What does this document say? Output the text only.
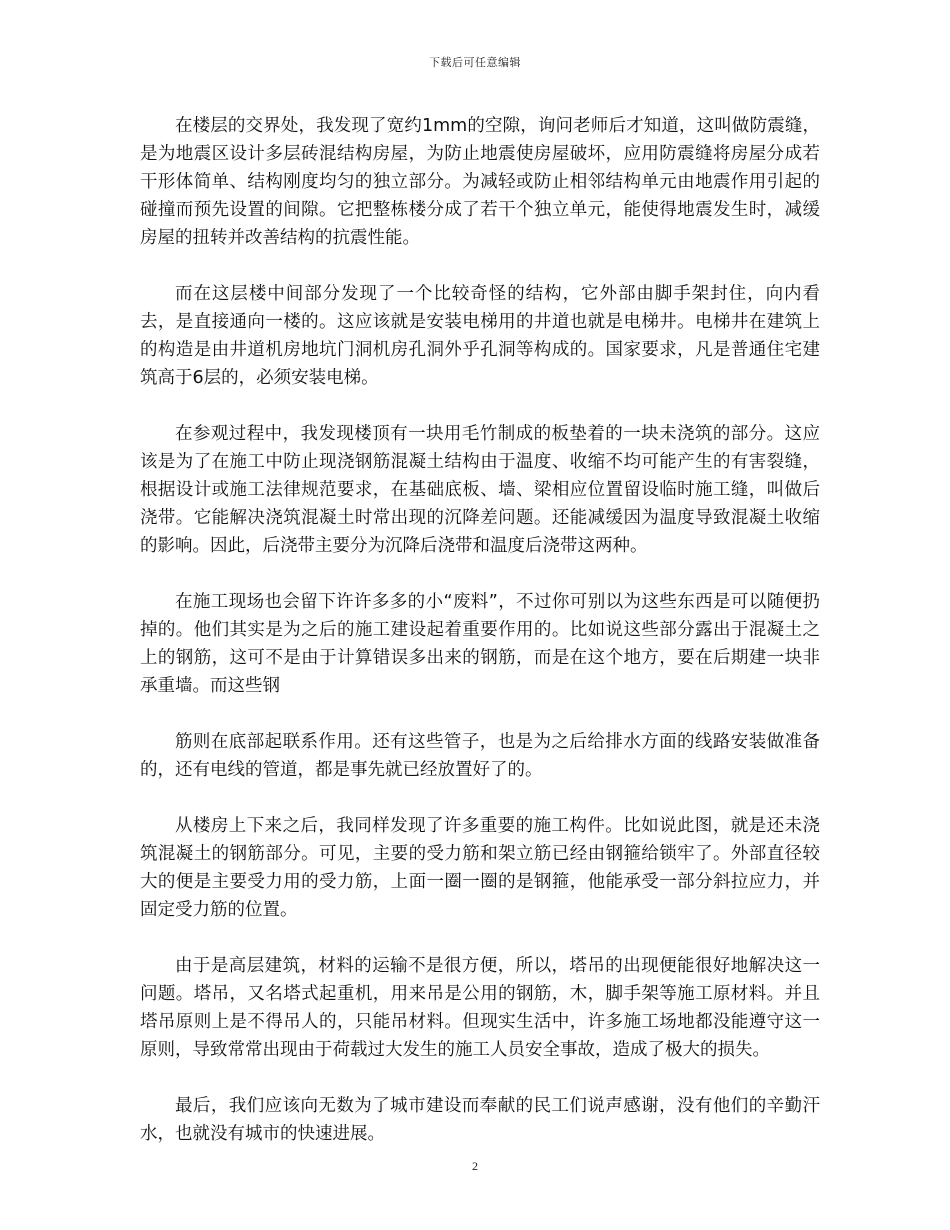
下载后可任意编辑

在楼层的交界处，我发现了宽约1mm的空隙，询问老师后才知道，这叫做防震缝，是为地震区设计多层砖混结构房屋，为防止地震使房屋破坏，应用防震缝将房屋分成若干形体简单、结构刚度均匀的独立部分。为减轻或防止相邻结构单元由地震作用引起的碰撞而预先设置的间隙。它把整栋楼分成了若干个独立单元，能使得地震发生时，减缓房屋的扭转并改善结构的抗震性能。

而在这层楼中间部分发现了一个比较奇怪的结构，它外部由脚手架封住，向内看去，是直接通向一楼的。这应该就是安装电梯用的井道也就是电梯井。电梯井在建筑上的构造是由井道机房地坑门洞机房孔洞外乎孔洞等构成的。国家要求，凡是普通住宅建筑高于6层的，必须安装电梯。

在参观过程中，我发现楼顶有一块用毛竹制成的板垫着的一块未浇筑的部分。这应该是为了在施工中防止现浇钢筋混凝土结构由于温度、收缩不均可能产生的有害裂缝，根据设计或施工法律规范要求，在基础底板、墙、梁相应位置留设临时施工缝，叫做后浇带。它能解决浇筑混凝土时常出现的沉降差问题。还能减缓因为温度导致混凝土收缩的影响。因此，后浇带主要分为沉降后浇带和温度后浇带这两种。

在施工现场也会留下许许多多的小“废料”，不过你可别以为这些东西是可以随便扔掉的。他们其实是为之后的施工建设起着重要作用的。比如说这些部分露出于混凝土之上的钢筋，这可不是由于计算错误多出来的钢筋，而是在这个地方，要在后期建一块非承重墙。而这些钢

筋则在底部起联系作用。还有这些管子，也是为之后给排水方面的线路安装做准备的，还有电线的管道，都是事先就已经放置好了的。

从楼房上下来之后，我同样发现了许多重要的施工构件。比如说此图，就是还未浇筑混凝土的钢筋部分。可见，主要的受力筋和架立筋已经由钢箍给锁牢了。外部直径较大的便是主要受力用的受力筋，上面一圈一圈的是钢箍，他能承受一部分斜拉应力，并固定受力筋的位置。

由于是高层建筑，材料的运输不是很方便，所以，塔吊的出现便能很好地解决这一问题。塔吊，又名塔式起重机，用来吊是公用的钢筋，木，脚手架等施工原材料。并且塔吊原则上是不得吊人的，只能吊材料。但现实生活中，许多施工场地都没能遵守这一原则，导致常常出现由于荷载过大发生的施工人员安全事故，造成了极大的损失。

最后，我们应该向无数为了城市建设而奉献的民工们说声感谢，没有他们的辛勤汗水，也就没有城市的快速进展。

2
